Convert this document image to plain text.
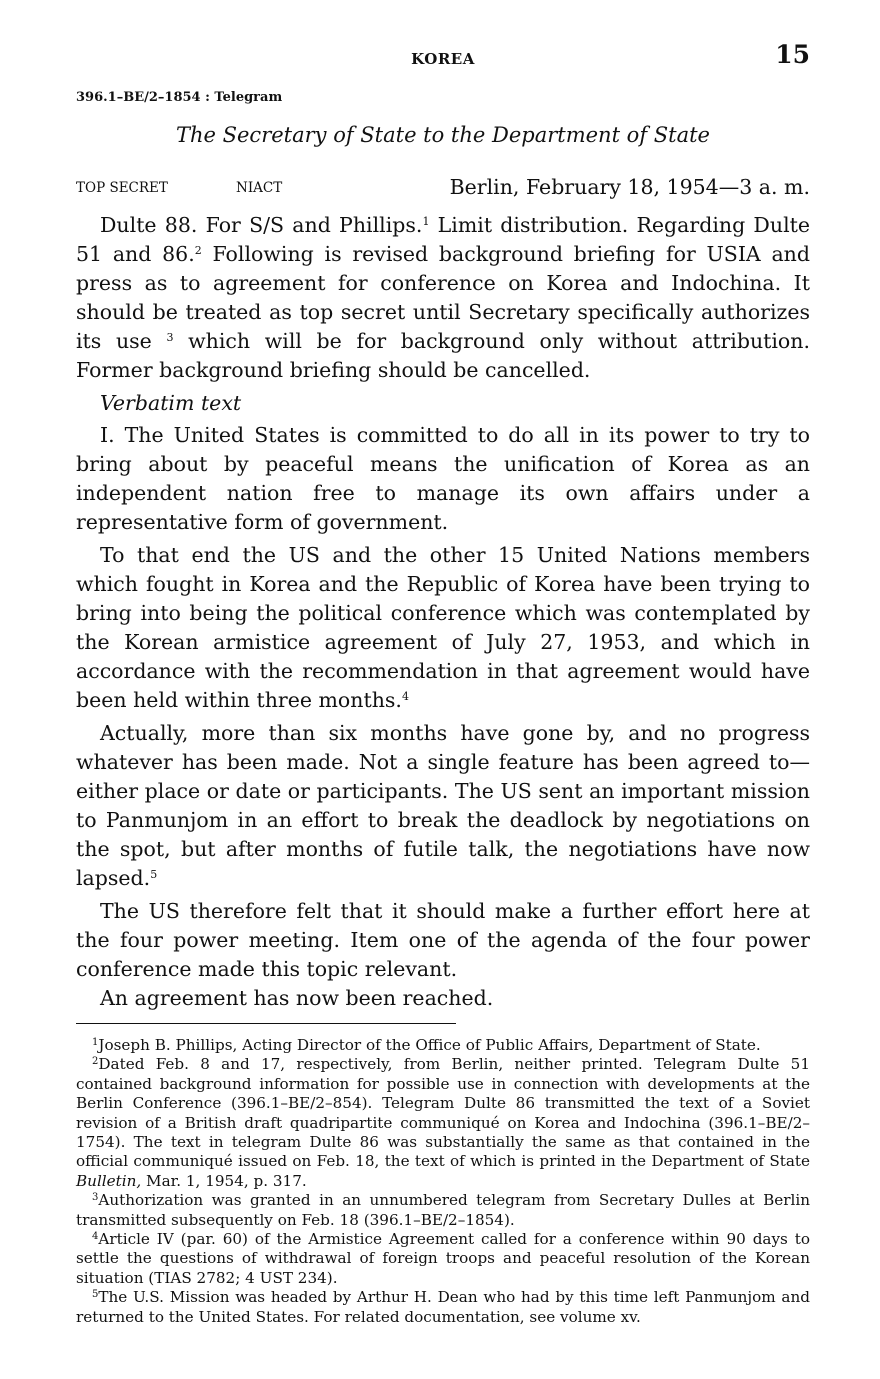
KOREA	15
396.1–BE/2–1854 : Telegram
The Secretary of State to the Department of State
TOP SECRET	NIACT	Berlin, February 18, 1954—3 a. m.

Dulte 88. For S/S and Phillips.$^1$ Limit distribution. Regarding Dulte 51 and 86.$^2$ Following is revised background briefing for USIA and press as to agreement for conference on Korea and Indochina. It should be treated as top secret until Secretary specifically authorizes its use $^3$ which will be for background only without attribution. Former background briefing should be cancelled.

Verbatim text

I. The United States is committed to do all in its power to try to bring about by peaceful means the unification of Korea as an independent nation free to manage its own affairs under a representative form of government.

To that end the US and the other 15 United Nations members which fought in Korea and the Republic of Korea have been trying to bring into being the political conference which was contemplated by the Korean armistice agreement of July 27, 1953, and which in accordance with the recommendation in that agreement would have been held within three months.$^4$

Actually, more than six months have gone by, and no progress whatever has been made. Not a single feature has been agreed to—either place or date or participants. The US sent an important mission to Panmunjom in an effort to break the deadlock by negotiations on the spot, but after months of futile talk, the negotiations have now lapsed.$^5$

The US therefore felt that it should make a further effort here at the four power meeting. Item one of the agenda of the four power conference made this topic relevant.

An agreement has now been reached.

$^1$Joseph B. Phillips, Acting Director of the Office of Public Affairs, Department of State.

$^2$Dated Feb. 8 and 17, respectively, from Berlin, neither printed. Telegram Dulte 51 contained background information for possible use in connection with developments at the Berlin Conference (396.1–BE/2–854). Telegram Dulte 86 transmitted the text of a Soviet revision of a British draft quadripartite communiqué on Korea and Indochina (396.1–BE/2–1754). The text in telegram Dulte 86 was substantially the same as that contained in the official communiqué issued on Feb. 18, the text of which is printed in the Department of State Bulletin, Mar. 1, 1954, p. 317.

$^3$Authorization was granted in an unnumbered telegram from Secretary Dulles at Berlin transmitted subsequently on Feb. 18 (396.1–BE/2–1854).

$^4$Article IV (par. 60) of the Armistice Agreement called for a conference within 90 days to settle the questions of withdrawal of foreign troops and peaceful resolution of the Korean situation (TIAS 2782; 4 UST 234).

$^5$The U.S. Mission was headed by Arthur H. Dean who had by this time left Panmunjom and returned to the United States. For related documentation, see volume xv.
